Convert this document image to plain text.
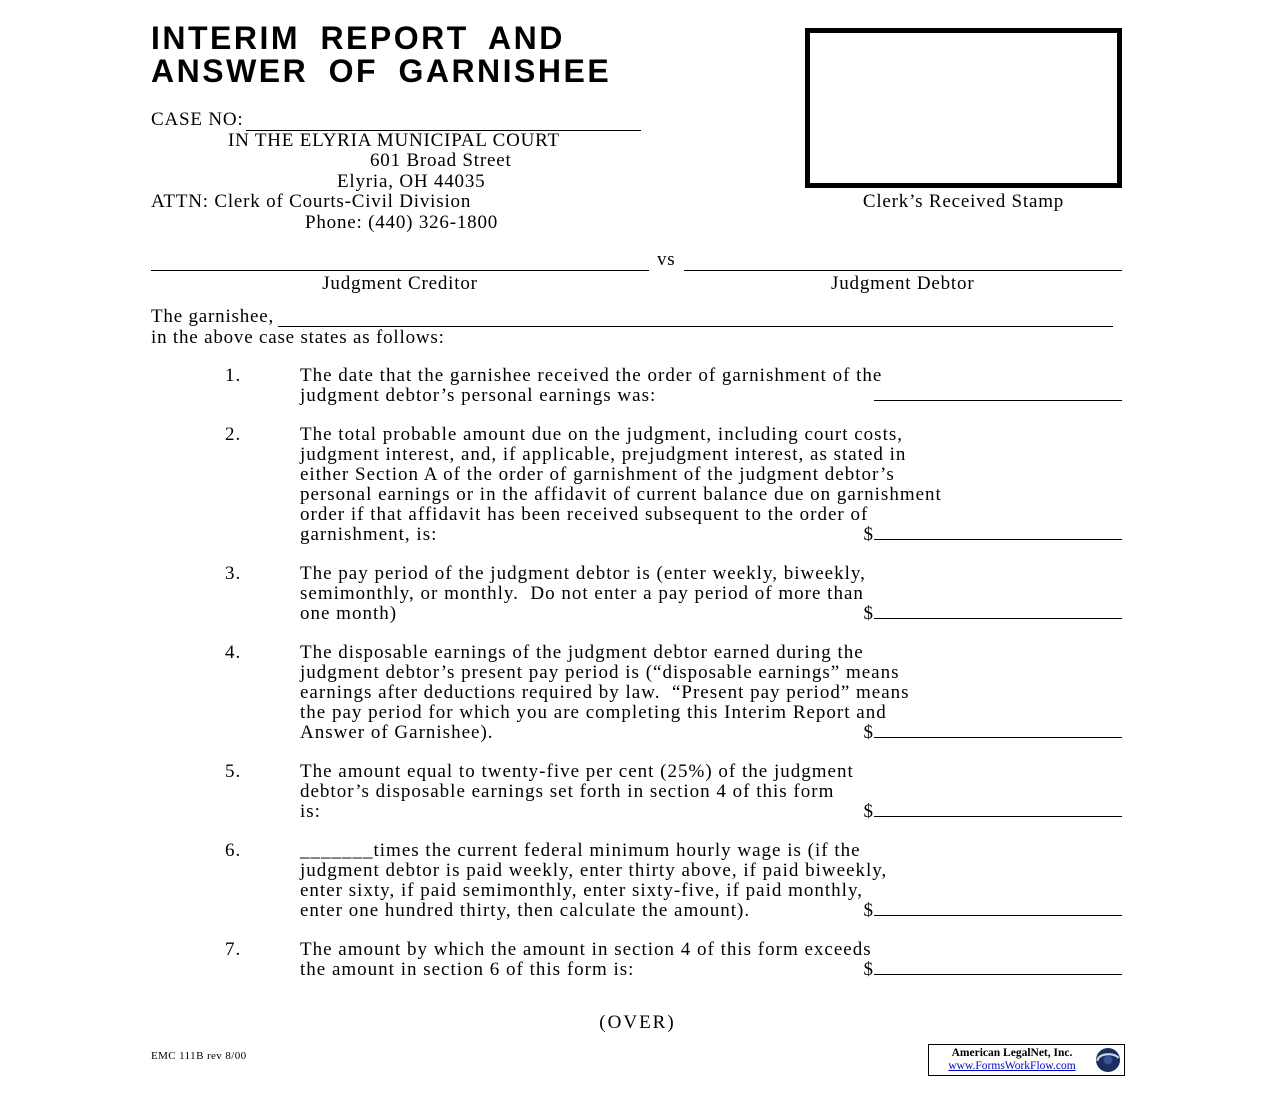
INTERIM REPORT AND
ANSWER OF GARNISHEE
CASE NO:
IN THE ELYRIA MUNICIPAL COURT
601 Broad Street
Elyria, OH 44035
ATTN: Clerk of Courts-Civil Division
Phone: (440) 326-1800
Clerk’s Received Stamp
vs
Judgment Creditor	Judgment Debtor
The garnishee,
in the above case states as follows:
1.	The date that the garnishee received the order of garnishment of the
judgment debtor’s personal earnings was:
2.	The total probable amount due on the judgment, including court costs,
judgment interest, and, if applicable, prejudgment interest, as stated in
either Section A of the order of garnishment of the judgment debtor’s
personal earnings or in the affidavit of current balance due on garnishment
order if that affidavit has been received subsequent to the order of
garnishment, is:	$
3.	The pay period of the judgment debtor is (enter weekly, biweekly,
semimonthly, or monthly.  Do not enter a pay period of more than
one month)	$
4.	The disposable earnings of the judgment debtor earned during the
judgment debtor’s present pay period is (“disposable earnings” means
earnings after deductions required by law.  “Present pay period” means
the pay period for which you are completing this Interim Report and
Answer of Garnishee).	$
5.	The amount equal to twenty-five per cent (25%) of the judgment
debtor’s disposable earnings set forth in section 4 of this form
is:	$
6.	_______times the current federal minimum hourly wage is (if the
judgment debtor is paid weekly, enter thirty above, if paid biweekly,
enter sixty, if paid semimonthly, enter sixty-five, if paid monthly,
enter one hundred thirty, then calculate the amount).	$
7.	The amount by which the amount in section 4 of this form exceeds
the amount in section 6 of this form is:	$
(OVER)
EMC 111B rev 8/00	American LegalNet, Inc.
www.FormsWorkFlow.com
